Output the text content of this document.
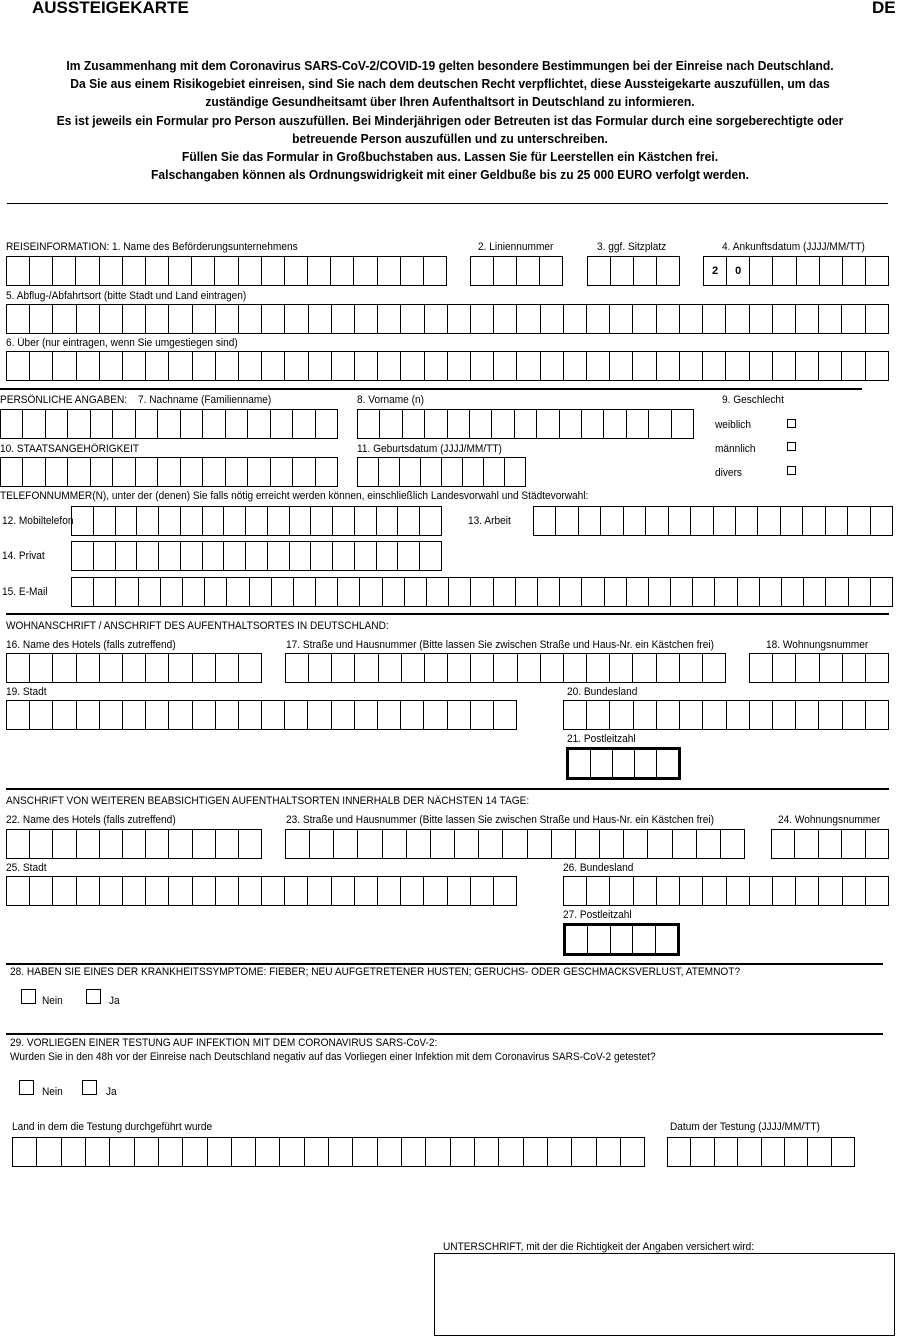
AUSSTEIGEKARTE	DE
Im Zusammenhang mit dem Coronavirus SARS-CoV-2/COVID-19 gelten besondere Bestimmungen bei der Einreise nach Deutschland.
Da Sie aus einem Risikogebiet einreisen, sind Sie nach dem deutschen Recht verpflichtet, diese Aussteigekarte auszufüllen, um das
zuständige Gesundheitsamt über Ihren Aufenthaltsort in Deutschland zu informieren.
Es ist jeweils ein Formular pro Person auszufüllen. Bei Minderjährigen oder Betreuten ist das Formular durch eine sorgeberechtigte oder
betreuende Person auszufüllen und zu unterschreiben.
Füllen Sie das Formular in Großbuchstaben aus. Lassen Sie für Leerstellen ein Kästchen frei.
Falschangaben können als Ordnungswidrigkeit mit einer Geldbuße bis zu 25 000 EURO verfolgt werden.
REISEINFORMATION: 1. Name des Beförderungsunternehmens	2. Liniennummer	3. ggf. Sitzplatz	4. Ankunftsdatum (JJJJ/MM/TT)
2	0
5. Abflug-/Abfahrtsort (bitte Stadt und Land eintragen)
6. Über (nur eintragen, wenn Sie umgestiegen sind)
PERSÖNLICHE ANGABEN: 7. Nachname (Familienname)	8. Vorname (n)	9. Geschlecht
weiblich
männlich
divers
10. STAATSANGEHÖRIGKEIT	11. Geburtsdatum (JJJJ/MM/TT)
TELEFONNUMMER(N), unter der (denen) Sie falls nötig erreicht werden können, einschließlich Landesvorwahl und Städtevorwahl:
12. Mobiltelefon	13. Arbeit
14. Privat
15. E-Mail
WOHNANSCHRIFT / ANSCHRIFT DES AUFENTHALTSORTES IN DEUTSCHLAND:
16. Name des Hotels (falls zutreffend)	17. Straße und Hausnummer (Bitte lassen Sie zwischen Straße und Haus-Nr. ein Kästchen frei)	18. Wohnungsnummer
19. Stadt	20. Bundesland
21. Postleitzahl
ANSCHRIFT VON WEITEREN BEABSICHTIGEN AUFENTHALTSORTEN INNERHALB DER NÄCHSTEN 14 TAGE:
22. Name des Hotels (falls zutreffend)	23. Straße und Hausnummer (Bitte lassen Sie zwischen Straße und Haus-Nr. ein Kästchen frei)	24. Wohnungsnummer
25. Stadt	26. Bundesland
27. Postleitzahl
28. HABEN SIE EINES DER KRANKHEITSSYMPTOME: FIEBER; NEU AUFGETRETENER HUSTEN; GERUCHS- ODER GESCHMACKSVERLUST, ATEMNOT?
Nein	Ja
29. VORLIEGEN EINER TESTUNG AUF INFEKTION MIT DEM CORONAVIRUS SARS-CoV-2:
Wurden Sie in den 48h vor der Einreise nach Deutschland negativ auf das Vorliegen einer Infektion mit dem Coronavirus SARS-CoV-2 getestet?
Nein	Ja
Land in dem die Testung durchgeführt wurde	Datum der Testung (JJJJ/MM/TT)
UNTERSCHRIFT, mit der die Richtigkeit der Angaben versichert wird:
